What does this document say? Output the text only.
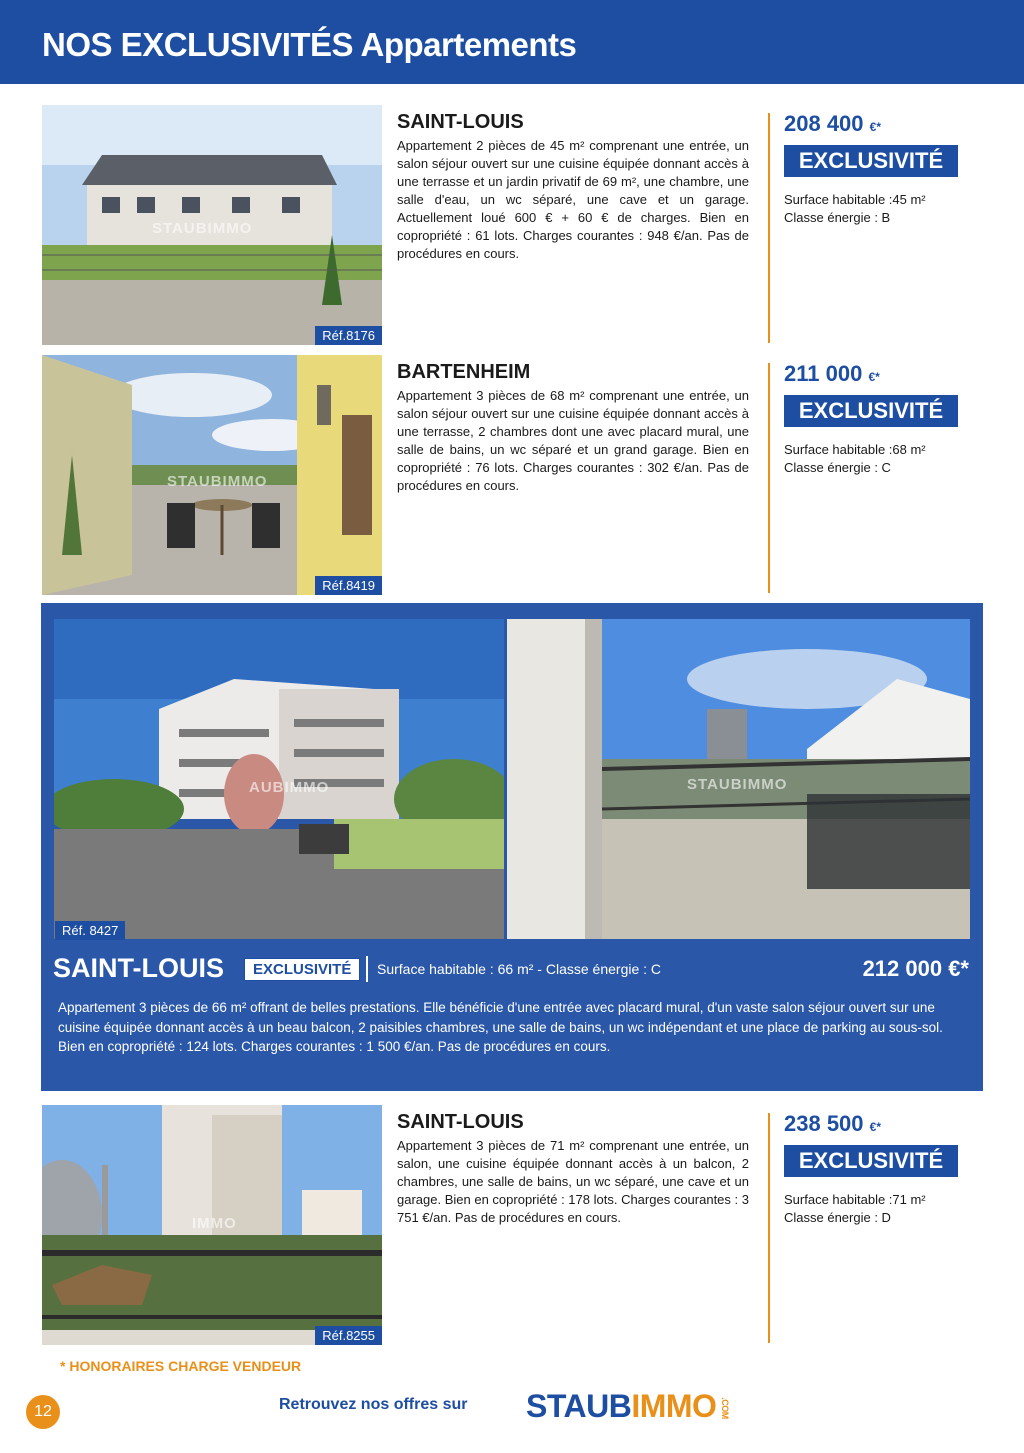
NOS EXCLUSIVITÉS Appartements
STAUBIMMO
Réf.8176
SAINT-LOUIS
Appartement 2 pièces de 45 m² comprenant une entrée, un salon séjour ouvert sur une cuisine équipée donnant accès à une terrasse et un jardin privatif de 69 m², une chambre, une salle d'eau, un wc séparé, une cave et un garage. Actuellement loué 600 € + 60 € de charges. Bien en copropriété : 61 lots. Charges courantes : 948 €/an. Pas de procédures en cours.
208 400 €*
EXCLUSIVITÉ
Surface habitable :45 m²
Classe énergie : B
STAUBIMMO
Réf.8419
BARTENHEIM
Appartement 3 pièces de 68 m² comprenant une entrée, un salon séjour ouvert sur une cuisine équipée donnant accès à une terrasse, 2 chambres dont une avec placard mural, une salle de bains, un wc séparé et un grand garage. Bien en copropriété : 76 lots. Charges courantes : 302 €/an. Pas de procédures en cours.
211 000 €*
EXCLUSIVITÉ
Surface habitable :68 m²
Classe énergie : C
AUBIMMO	STAUBIMMO
Réf. 8427
SAINT-LOUIS	EXCLUSIVITÉ	Surface habitable : 66 m² - Classe énergie : C	212 000 €*
Appartement 3 pièces de 66 m² offrant de belles prestations. Elle bénéficie d'une entrée avec placard mural, d'un vaste salon séjour ouvert sur une cuisine équipée donnant accès à un beau balcon, 2 paisibles chambres, une salle de bains, un wc indépendant et une place de parking au sous-sol. Bien en copropriété : 124 lots. Charges courantes : 1 500 €/an. Pas de procédures en cours.
IMMO
Réf.8255
SAINT-LOUIS
Appartement 3 pièces de 71 m² comprenant une entrée, un salon, une cuisine équipée donnant accès à un balcon, 2 chambres, une salle de bains, un wc séparé, une cave et un garage. Bien en copropriété : 178 lots. Charges courantes : 3 751 €/an. Pas de procédures en cours.
238 500 €*
EXCLUSIVITÉ
Surface habitable :71 m²
Classe énergie : D
* HONORAIRES CHARGE VENDEUR
12	Retrouvez nos offres sur STAUBIMMO .COM
